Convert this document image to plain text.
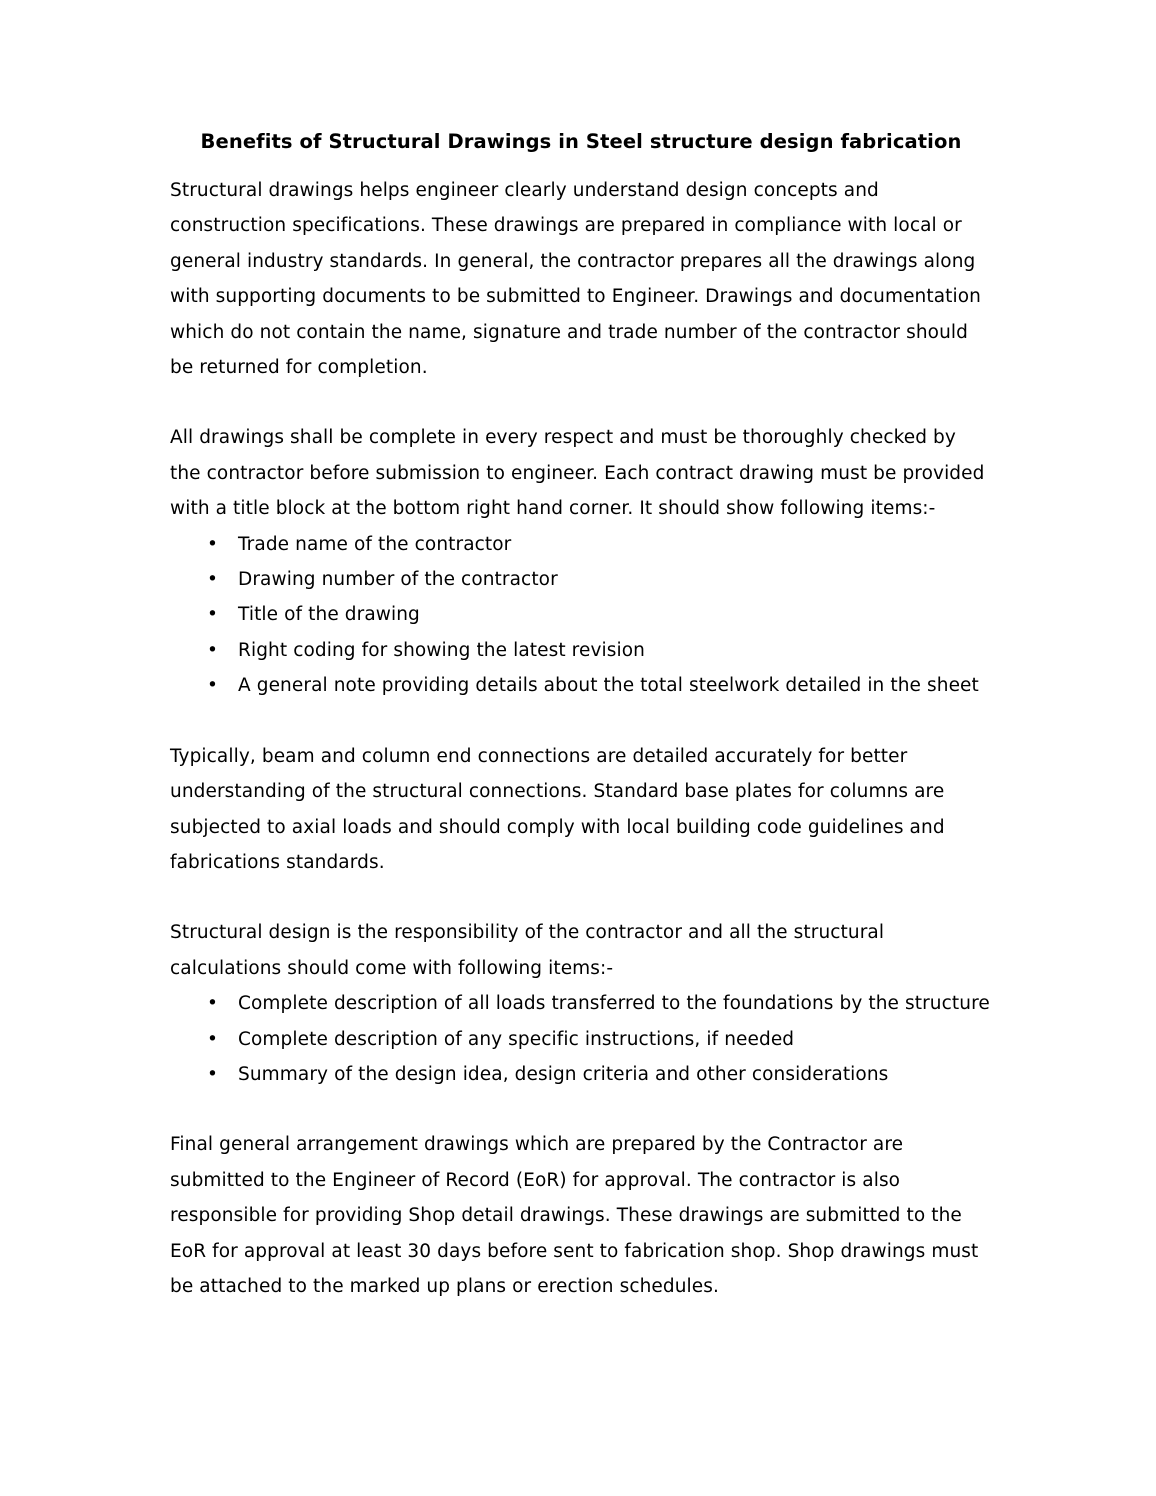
Benefits of Structural Drawings in Steel structure design fabrication

Structural drawings helps engineer clearly understand design concepts and construction specifications. These drawings are prepared in compliance with local or general industry standards. In general, the contractor prepares all the drawings along with supporting documents to be submitted to Engineer. Drawings and documentation which do not contain the name, signature and trade number of the contractor should be returned for completion.

All drawings shall be complete in every respect and must be thoroughly checked by the contractor before submission to engineer. Each contract drawing must be provided with a title block at the bottom right hand corner. It should show following items:-

• Trade name of the contractor
• Drawing number of the contractor
• Title of the drawing
• Right coding for showing the latest revision
• A general note providing details about the total steelwork detailed in the sheet

Typically, beam and column end connections are detailed accurately for better understanding of the structural connections. Standard base plates for columns are subjected to axial loads and should comply with local building code guidelines and fabrications standards.

Structural design is the responsibility of the contractor and all the structural calculations should come with following items:-

• Complete description of all loads transferred to the foundations by the structure
• Complete description of any specific instructions, if needed
• Summary of the design idea, design criteria and other considerations

Final general arrangement drawings which are prepared by the Contractor are submitted to the Engineer of Record (EoR) for approval. The contractor is also responsible for providing Shop detail drawings. These drawings are submitted to the EoR for approval at least 30 days before sent to fabrication shop. Shop drawings must be attached to the marked up plans or erection schedules.
